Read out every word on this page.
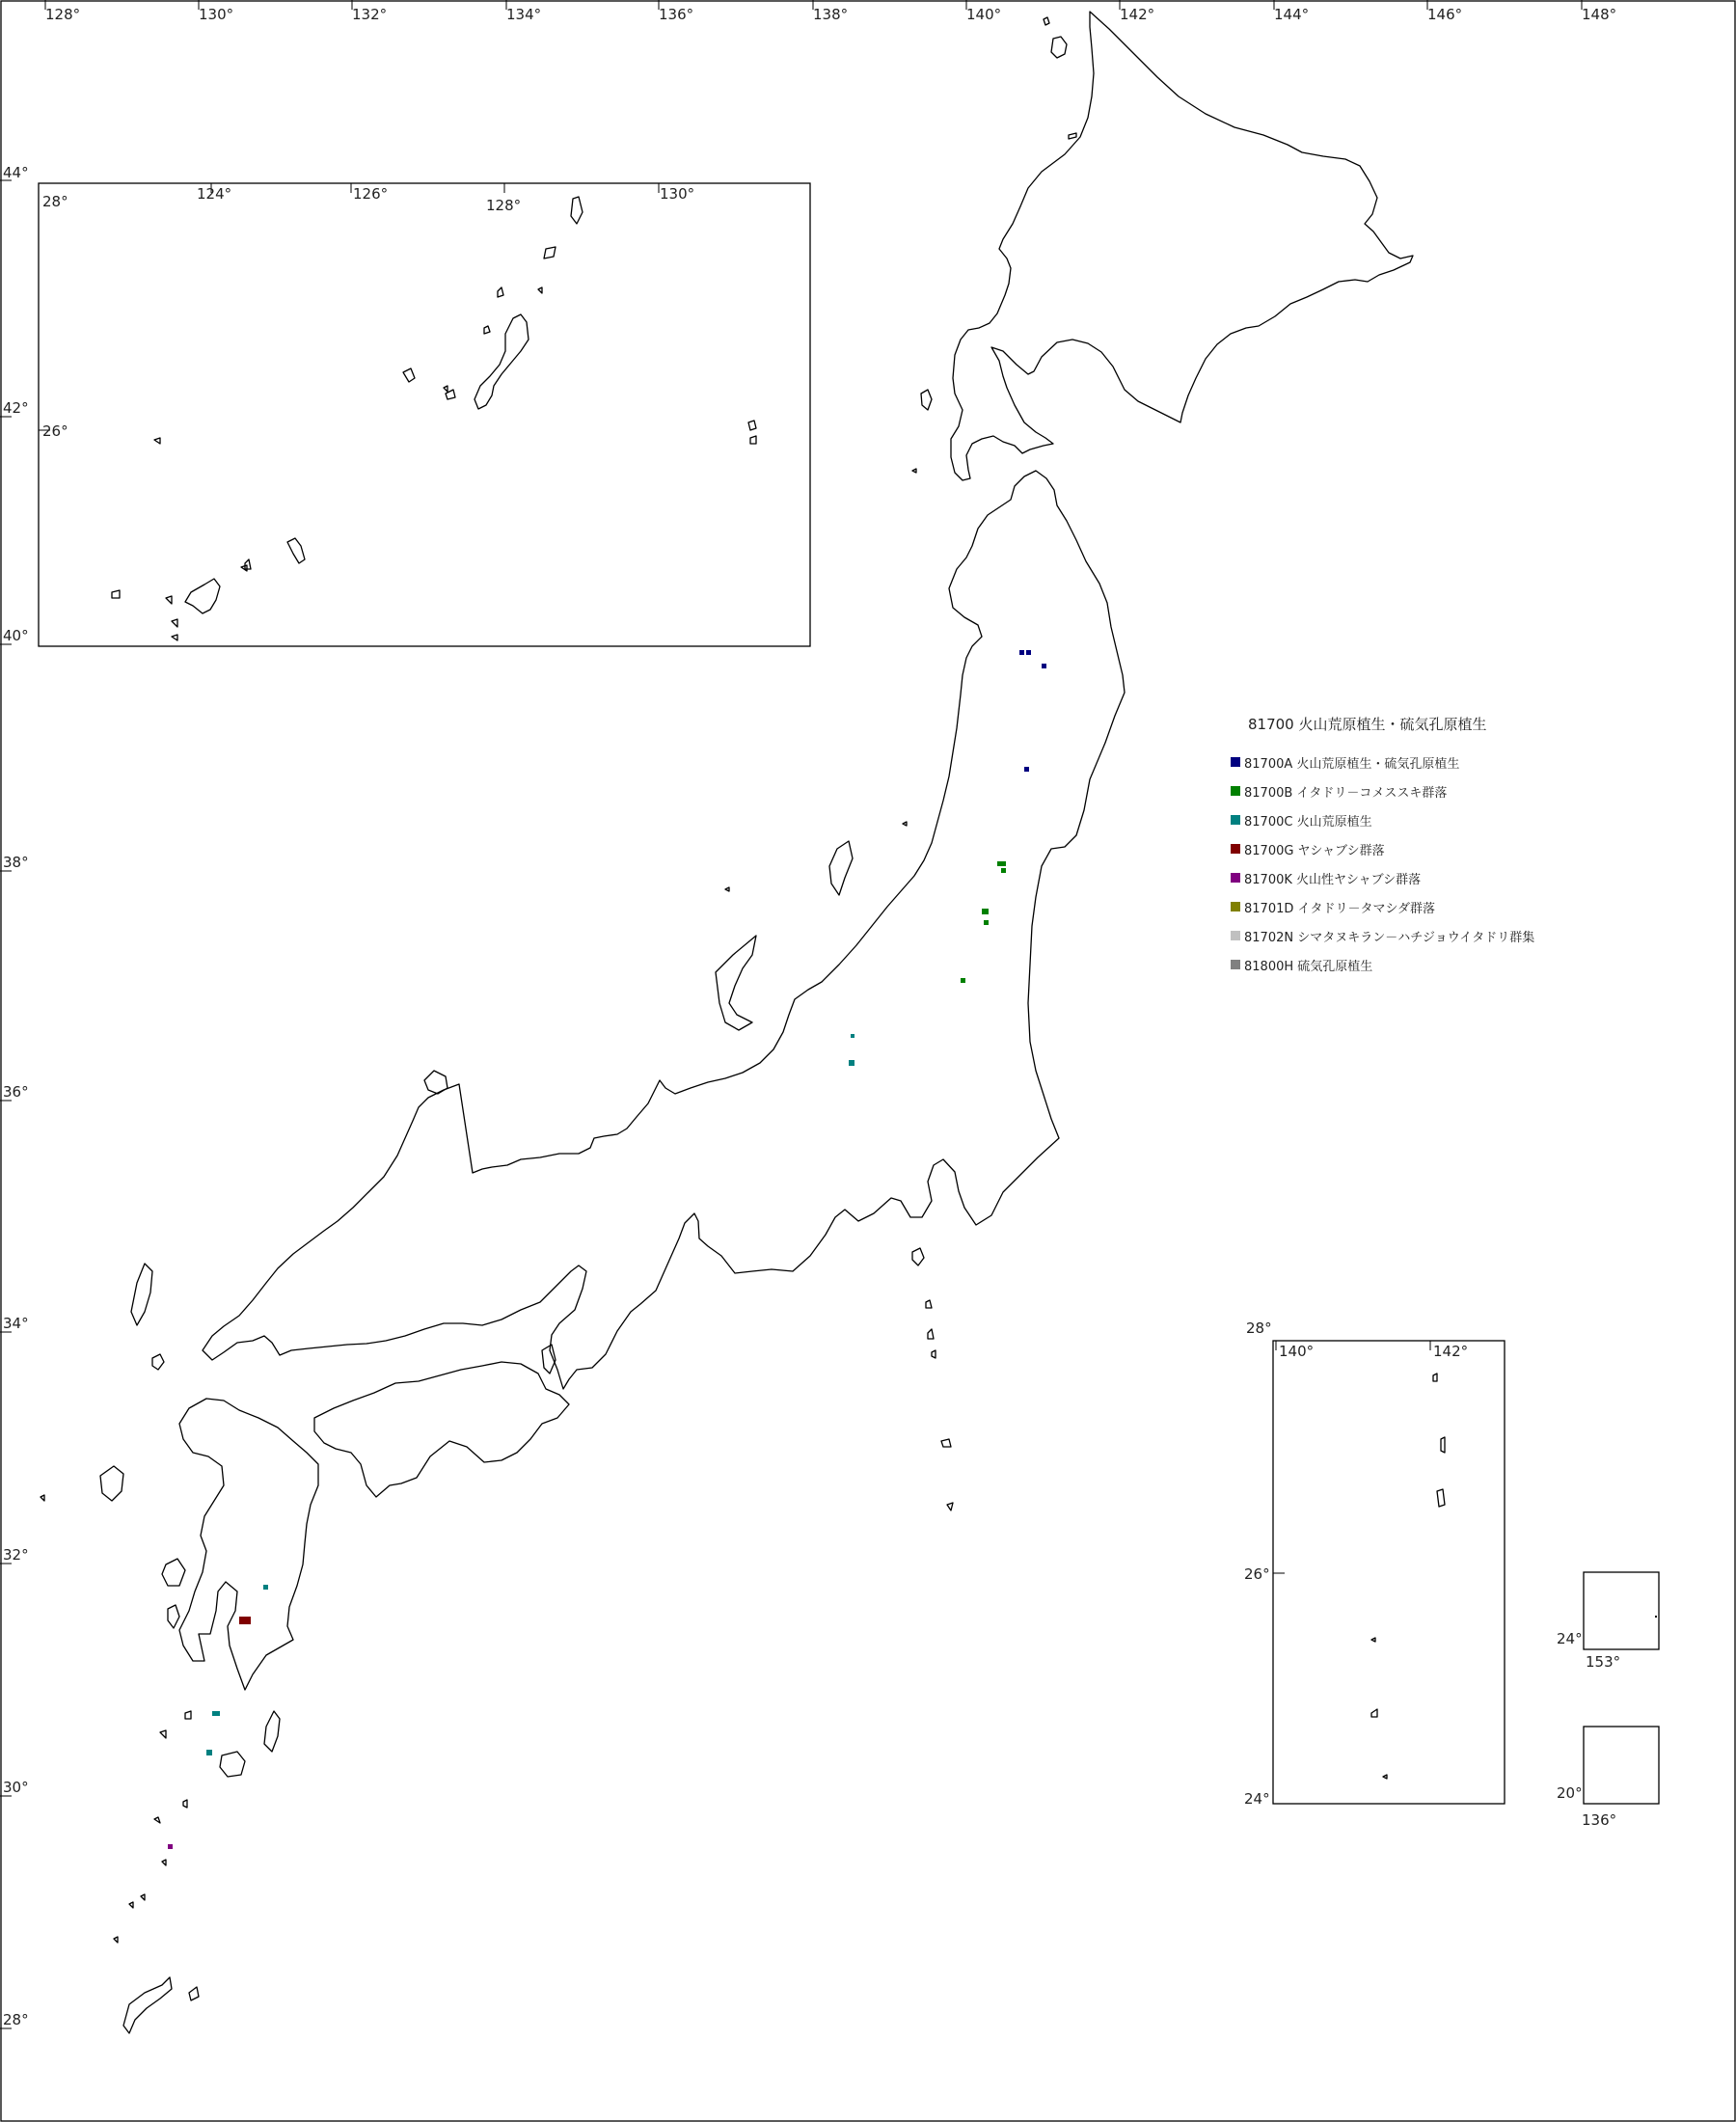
128°	130°	132°	134°	136°	138°	140°	142°	144°	146°	148°
44°
42°
40°
38°
36°
34°
32°
30°
28°
28°	124°	126°
128°
130°
26°
28°
140°	142°
26°
24°
24°
153°
20°
136°
81700 火山荒原植生・硫気孔原植生
81700A 火山荒原植生・硫気孔原植生
81700B イタドリ－コメススキ群落
81700C 火山荒原植生
81700G ヤシャブシ群落
81700K 火山性ヤシャブシ群落
81701D イタドリ－タマシダ群落
81702N シマタヌキラン－ハチジョウイタドリ群集
81800H 硫気孔原植生
